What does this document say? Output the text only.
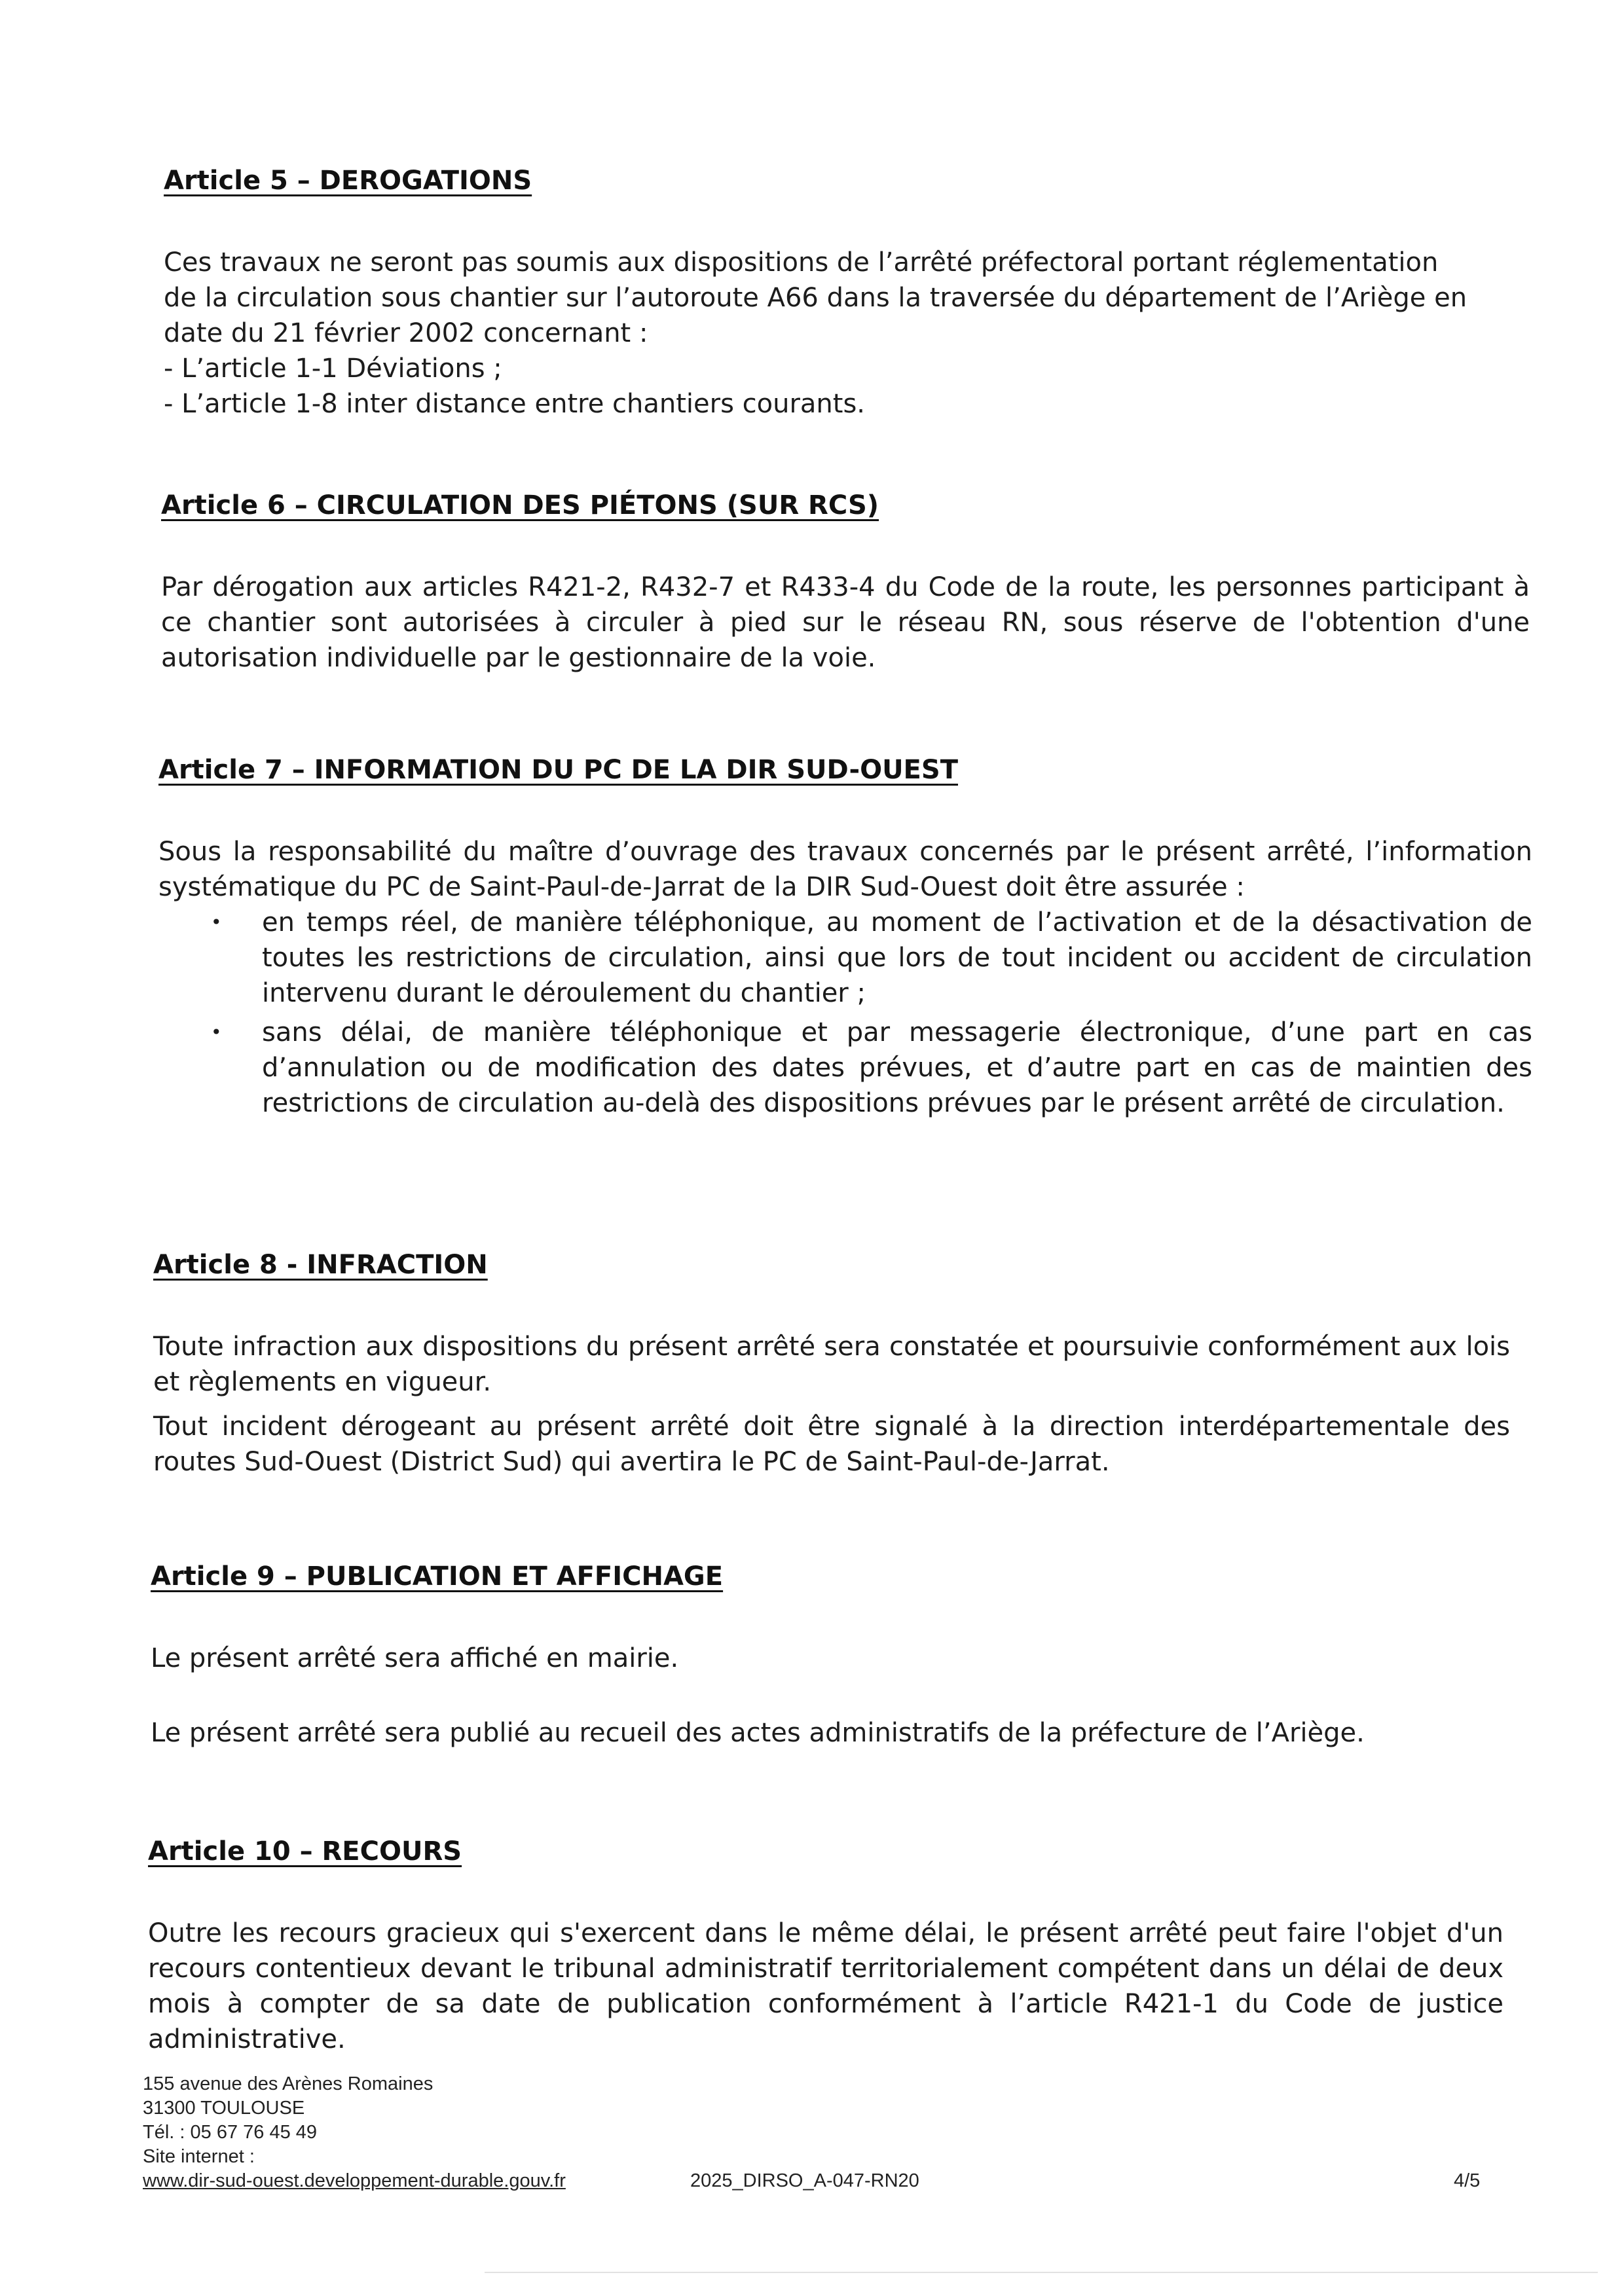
Article 5 – DEROGATIONS

Ces travaux ne seront pas soumis aux dispositions de l’arrêté préfectoral portant réglementation
de la circulation sous chantier sur l’autoroute A66 dans la traversée du département de l’Ariège en
date du 21 février 2002 concernant :
- L’article 1-1 Déviations ;
- L’article 1-8 inter distance entre chantiers courants.

Article 6 – CIRCULATION DES PIÉTONS (SUR RCS)

Par dérogation aux articles R421-2, R432-7 et R433-4 du Code de la route, les personnes participant à ce chantier sont autorisées à circuler à pied sur le réseau RN, sous réserve de l'obtention d'une autorisation individuelle par le gestionnaire de la voie.

Article 7 – INFORMATION DU PC DE LA DIR SUD-OUEST

Sous la responsabilité du maître d’ouvrage des travaux concernés par le présent arrêté, l’information systématique du PC de Saint-Paul-de-Jarrat de la DIR Sud-Ouest doit être assurée :

• en temps réel, de manière téléphonique, au moment de l’activation et de la désactivation de toutes les restrictions de circulation, ainsi que lors de tout incident ou accident de circulation intervenu durant le déroulement du chantier ;
• sans délai, de manière téléphonique et par messagerie électronique, d’une part en cas d’annulation ou de modification des dates prévues, et d’autre part en cas de maintien des restrictions de circulation au-delà des dispositions prévues par le présent arrêté de circulation.
Article 8 - INFRACTION

Toute infraction aux dispositions du présent arrêté sera constatée et poursuivie conformément aux lois et règlements en vigueur.

Tout incident dérogeant au présent arrêté doit être signalé à la direction interdépartementale des routes Sud-Ouest (District Sud) qui avertira le PC de Saint-Paul-de-Jarrat.

Article 9 – PUBLICATION ET AFFICHAGE

Le présent arrêté sera affiché en mairie.

Le présent arrêté sera publié au recueil des actes administratifs de la préfecture de l’Ariège.

Article 10 – RECOURS

Outre les recours gracieux qui s'exercent dans le même délai, le présent arrêté peut faire l'objet d'un recours contentieux devant le tribunal administratif territorialement compétent dans un délai de deux mois à compter de sa date de publication conformément à l’article R421-1 du Code de justice administrative.

155 avenue des Arènes Romaines
31300 TOULOUSE
Tél. : 05 67 76 45 49
Site internet :
www.dir-sud-ouest.developpement-durable.gouv.fr	2025_DIRSO_A-047-RN20	4/5
